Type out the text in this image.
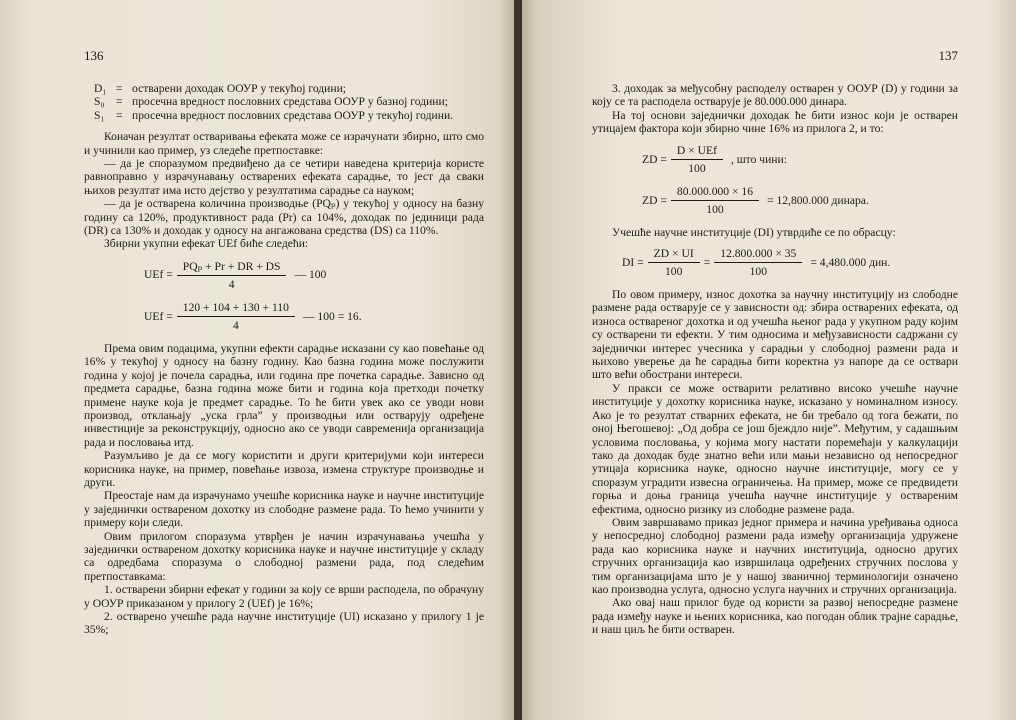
136
D₁ = остварени доходак ООУР у текућој години;
S₀ = просечна вредност пословних средстава ООУР у базној години;
S₁ = просечна вредност пословних средстава ООУР у текућој години.

Коначан резултат остваривања ефеката може се израчунати збирно, што смо и учинили као пример, уз следеће претпоставке:

— да је споразумом предвиђено да се четири наведена критерија користе равноправно у израчунавању остварених ефеката сарадње, то јест да сваки њихов резултат има исто дејство у резултатима сарадње са науком;

— да је остварена количина производње (PQₚ) у текућој у односу на базну годину са 120%, продуктивност рада (Pr) са 104%, доходак по јединици рада (DR) са 130% и доходак у односу на ангажована средства (DS) са 110%.

Збирни укупни ефекат UEf биће следећи:

UEf = $\frac{\text{PQₚ + Pr + DR + DS}}{4}$ — 100
UEf = $\frac{120 + 104 + 130 + 110}{4}$ — 100 = 16.

Према овим подацима, укупни ефекти сарадње исказани су као повећање од 16% у текућој у односу на базну годину. Као базна година може послужити година у којој је почела сарадња, или година пре почетка сарадње. Зависно од предмета сарадње, базна година може бити и година која претходи почетку примене науке која је предмет сарадње. То ће бити увек ако се уводи нови производ, отклањају „уска грла” у производњи или остварују одређене инвестиције за реконструкцију, односно ако се уводи савремениja организација рада и пословања итд.

Разумљиво је да се могу користити и други критеријуми који интереси корисника науке, на пример, повећање извоза, измена структуре производње и други.

Преостаје нам да израчунамо учешће корисника науке и научне институције у заједнички оствареном дохотку из слободне размене рада. То ћемо учинити у примеру који следи.

Овим прилогом споразума утврђен је начин израчунавања учешћа у заједнички оствареном дохотку корисника науке и научне институције у складу са одредбама споразума о слободној размени рада, под следећим претпоставкама:

1. остварени збирни ефекат у години за коју се врши расподела, по обрачуну у ООУР приказаном у прилогу 2 (UEf) је 16%;

2. остварено учешће рада научне институције (UI) исказано у прилогу 1 је 35%;

137

3. доходак за међусобну расподелу остварен у ООУР (D) у години за коју се та расподела остварује је 80.000.000 динара.

На тој основи заједнички доходак ће бити износ који је остварен утицајем фактора који збирно чине 16% из прилога 2, и то:

ZD = $\frac{\text{D × UEf}}{100}$ , што чини:
ZD = $\frac{80.000.000 \times 16}{100} = 12,800.000$ динара.

Учешће научне институције (DI) утврдиће се по обрасцу:

DI = $\frac{ZD \times UI}{100} = \frac{12.800.000 \times 35}{100} = 4,480.000$ дин.

По овом примеру, износ дохотка за научну институцију из слободне размене рада остварује се у зависности од: збира остварених ефеката, од износа оствареног дохотка и од учешћа њеног рада у укупном раду којим су остварени ти ефекти. У тим односима и међузависности садржани су заједнички интерес учесника у сарадњи у слободној размени рада и њихово уверење да ће сарадња бити коректна уз напоре да се оствари што већи обострани интереси.

У пракси се може остварити релативно високо учешће научне институције у дохотку корисника науке, исказано у номиналном износу. Ако је то резултат стварних ефеката, не би требало од тога бежати, по оној Његошевој: „Од добра се још бјеждло није”. Међутим, у садашњим условима пословања, у којима могу настати поремећаји у калкулацији тако да доходак буде знатно већи или мањи независно од непосредног утицаја корисника науке, односно научне институције, могу се у споразум уградити извесна ограничења. На пример, може се предвидети горња и доња граница учешћа научне институције у оствареним ефектима, односно ризику из слободне размене рада.

Овим завршавамо приказ једног примера и начина уређивања односа у непосредној слободној размени рада између организација удружене рада као корисника науке и научних институција, односно других стручних организација као извршилаца одређених стручних послова у тим организацијама што је у нашој званичној терминологији означено као производна услуга, односно услуга научних и стручних организација.

Ако овај наш прилог буде од користи за развој непосредне размене рада између науке и њених корисника, као погодан облик трајне сарадње, и наш циљ ће бити остварен.
